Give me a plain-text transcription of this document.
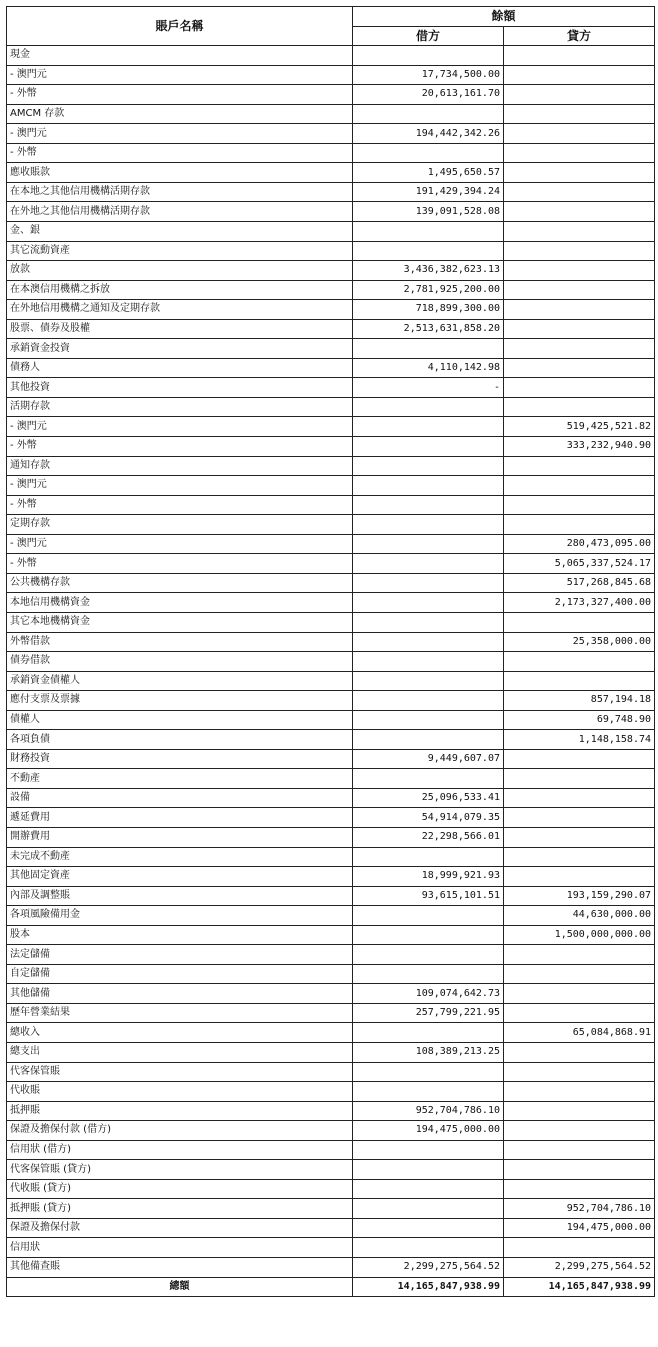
賬戶名稱	餘額	
	借方	貸方
現金		
- 澳門元	17,734,500.00	
- 外幣	20,613,161.70	
AMCM 存款		
- 澳門元	194,442,342.26	
- 外幣		
應收賬款	1,495,650.57	
在本地之其他信用機構活期存款	191,429,394.24	
在外地之其他信用機構活期存款	139,091,528.08	
金、銀		
其它流動資產		
放款	3,436,382,623.13	
在本澳信用機構之拆放	2,781,925,200.00	
在外地信用機構之通知及定期存款	718,899,300.00	
股票、債券及股權	2,513,631,858.20	
承銷資金投資		
債務人	4,110,142.98	
其他投資	-	
活期存款		
- 澳門元		519,425,521.82
- 外幣		333,232,940.90
通知存款		
- 澳門元		
- 外幣		
定期存款		
- 澳門元		280,473,095.00
- 外幣		5,065,337,524.17
公共機構存款		517,268,845.68
本地信用機構資金		2,173,327,400.00
其它本地機構資金		
外幣借款		25,358,000.00
債券借款		
承銷資金債權人		
應付支票及票據		857,194.18
債權人		69,748.90
各項負債		1,148,158.74
財務投資	9,449,607.07	
不動產		
設備	25,096,533.41	
遞延費用	54,914,079.35	
開辦費用	22,298,566.01	
未完成不動產		
其他固定資產	18,999,921.93	
內部及調整賬	93,615,101.51	193,159,290.07
各項風險備用金		44,630,000.00
股本		1,500,000,000.00
法定儲備		
自定儲備		
其他儲備	109,074,642.73	
歷年營業結果	257,799,221.95	
總收入		65,084,868.91
總支出	108,389,213.25	
代客保管賬		
代收賬		
抵押賬	952,704,786.10	
保證及擔保付款 (借方)	194,475,000.00	
信用狀 (借方)		
代客保管賬 (貸方)		
代收賬 (貸方)		
抵押賬 (貸方)		952,704,786.10
保證及擔保付款		194,475,000.00
信用狀		
其他備查賬	2,299,275,564.52	2,299,275,564.52
總額	14,165,847,938.99	14,165,847,938.99
